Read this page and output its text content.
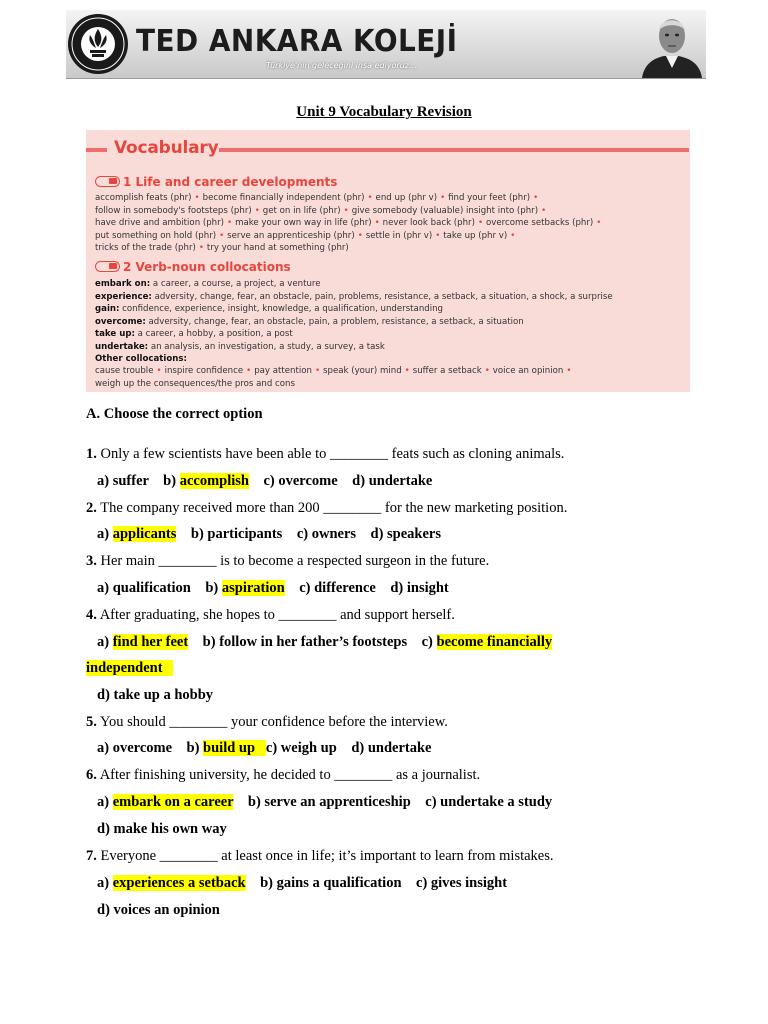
TED ANKARA KOLEJİ
Türkiye'nin geleceğini inşa ediyoruz...
Unit 9 Vocabulary Revision
Vocabulary
1 Life and career developments
accomplish feats (phr) • become financially independent (phr) • end up (phr v) • find your feet (phr) •
follow in somebody's footsteps (phr) • get on in life (phr) • give somebody (valuable) insight into (phr) •
have drive and ambition (phr) • make your own way in life (phr) • never look back (phr) • overcome setbacks (phr) •
put something on hold (phr) • serve an apprenticeship (phr) • settle in (phr v) • take up (phr v) •
tricks of the trade (phr) • try your hand at something (phr)
2 Verb-noun collocations
embark on: a career, a course, a project, a venture
experience: adversity, change, fear, an obstacle, pain, problems, resistance, a setback, a situation, a shock, a surprise
gain: confidence, experience, insight, knowledge, a qualification, understanding
overcome: adversity, change, fear, an obstacle, pain, a problem, resistance, a setback, a situation
take up: a career, a hobby, a position, a post
undertake: an analysis, an investigation, a study, a survey, a task
Other collocations:
cause trouble • inspire confidence • pay attention • speak (your) mind • suffer a setback • voice an opinion •
weigh up the consequences/the pros and cons
A. Choose the correct option
1. Only a few scientists have been able to ________ feats such as cloning animals.
a) suffer    b) accomplish    c) overcome    d) undertake
2. The company received more than 200 ________ for the new marketing position.
a) applicants    b) participants    c) owners    d) speakers
3. Her main ________ is to become a respected surgeon in the future.
a) qualification    b) aspiration    c) difference    d) insight
4. After graduating, she hopes to ________ and support herself.
a) find her feet    b) follow in her father’s footsteps    c) become financially
independent
d) take up a hobby
5. You should ________ your confidence before the interview.
a) overcome    b) build up   c) weigh up    d) undertake
6. After finishing university, he decided to ________ as a journalist.
a) embark on a career    b) serve an apprenticeship    c) undertake a study
d) make his own way
7. Everyone ________ at least once in life; it’s important to learn from mistakes.
a) experiences a setback    b) gains a qualification    c) gives insight
d) voices an opinion
